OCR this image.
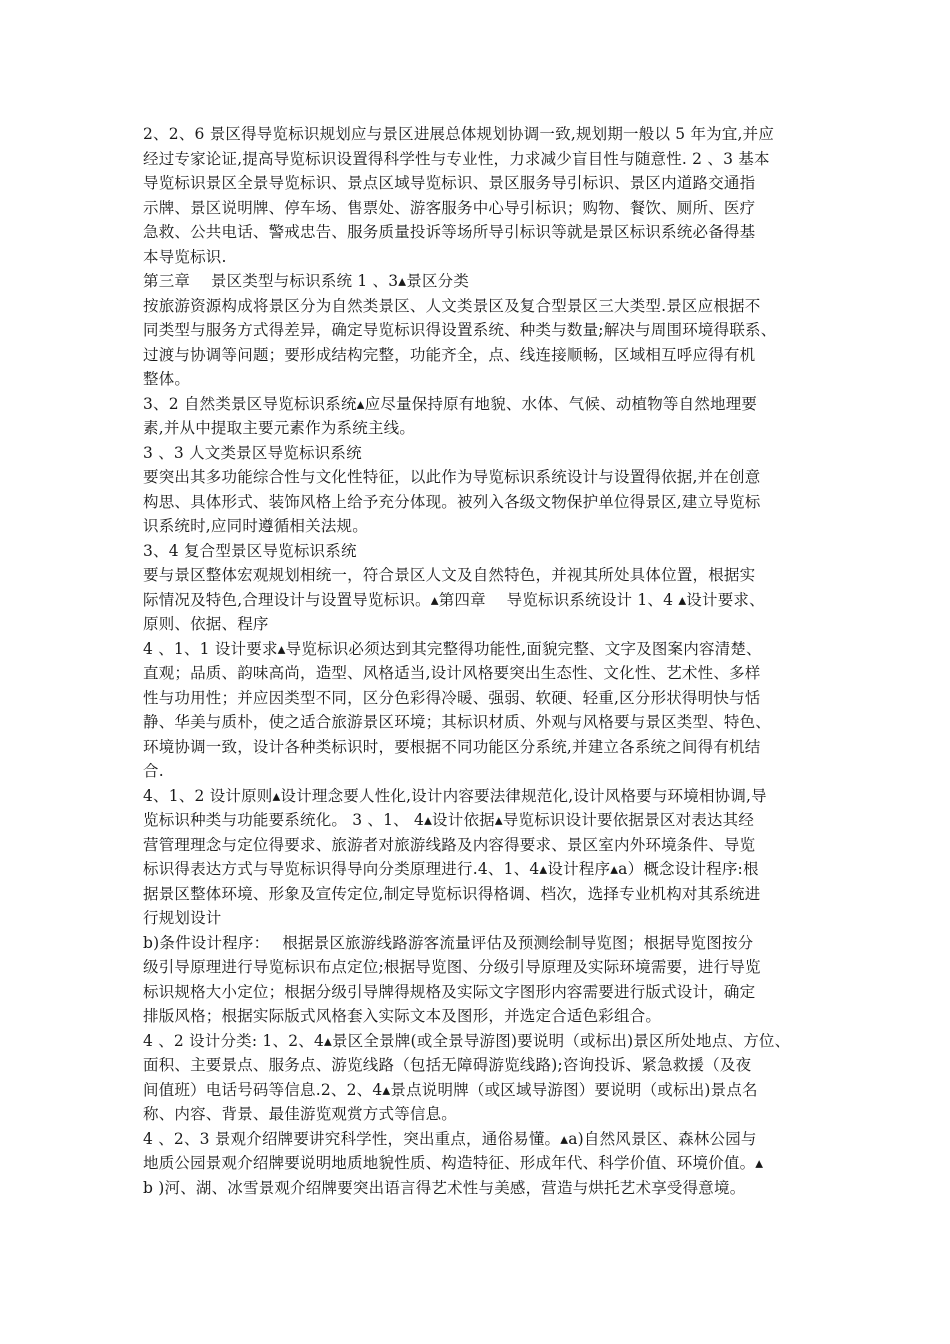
2、2、6 景区得导览标识规划应与景区进展总体规划协调一致,规划期一般以 5 年为宜,并应
经过专家论证,提高导览标识设置得科学性与专业性，力求减少盲目性与随意性. 2 、3 基本
导览标识景区全景导览标识、景点区域导览标识、景区服务导引标识、景区内道路交通指
示牌、景区说明牌、停车场、售票处、游客服务中心导引标识；购物、餐饮、厕所、医疗
急救、公共电话、警戒忠告、服务质量投诉等场所导引标识等就是景区标识系统必备得基
本导览标识.
第三章　 景区类型与标识系统 1 、3▴景区分类
按旅游资源构成将景区分为自然类景区、人文类景区及复合型景区三大类型.景区应根据不
同类型与服务方式得差异，确定导览标识得设置系统、种类与数量;解决与周围环境得联系、
过渡与协调等问题；要形成结构完整，功能齐全，点、线连接顺畅，区域相互呼应得有机
整体。
3、2 自然类景区导览标识系统▴应尽量保持原有地貌、水体、气候、动植物等自然地理要
素,并从中提取主要元素作为系统主线。
3 、3 人文类景区导览标识系统
要突出其多功能综合性与文化性特征，以此作为导览标识系统设计与设置得依据,并在创意
构思、具体形式、装饰风格上给予充分体现。被列入各级文物保护单位得景区,建立导览标
识系统时,应同时遵循相关法规。
3、4 复合型景区导览标识系统
要与景区整体宏观规划相统一，符合景区人文及自然特色，并视其所处具体位置，根据实
际情况及特色,合理设计与设置导览标识。▴第四章　 导览标识系统设计 1、4 ▴设计要求、
原则、依据、程序
4 、1、1 设计要求▴导览标识必须达到其完整得功能性,面貌完整、文字及图案内容清楚、
直观；品质、韵味高尚，造型、风格适当,设计风格要突出生态性、文化性、艺术性、多样
性与功用性；并应因类型不同，区分色彩得冷暖、强弱、软硬、轻重,区分形状得明快与恬
静、华美与质朴，使之适合旅游景区环境；其标识材质、外观与风格要与景区类型、特色、
环境协调一致，设计各种类标识时，要根据不同功能区分系统,并建立各系统之间得有机结
合.
4、1、2 设计原则▴设计理念要人性化,设计内容要法律规范化,设计风格要与环境相协调,导
览标识种类与功能要系统化。 3 、1、 4▴设计依据▴导览标识设计要依据景区对表达其经
营管理理念与定位得要求、旅游者对旅游线路及内容得要求、景区室内外环境条件、导览
标识得表达方式与导览标识得导向分类原理进行.4、1、4▴设计程序▴a）概念设计程序:根
据景区整体环境、形象及宣传定位,制定导览标识得格调、档次，选择专业机构对其系统进
行规划设计
b)条件设计程序：　 根据景区旅游线路游客流量评估及预测绘制导览图；根据导览图按分
级引导原理进行导览标识布点定位;根据导览图、分级引导原理及实际环境需要，进行导览
标识规格大小定位；根据分级引导牌得规格及实际文字图形内容需要进行版式设计，确定
排版风格；根据实际版式风格套入实际文本及图形，并选定合适色彩组合。
4 、2 设计分类: 1、2、4▴景区全景牌(或全景导游图)要说明（或标出)景区所处地点、方位、
面积、主要景点、服务点、游览线路（包括无障碍游览线路);咨询投诉、紧急救援（及夜
间值班）电话号码等信息.2、2、4▴景点说明牌（或区域导游图）要说明（或标出)景点名
称、内容、背景、最佳游览观赏方式等信息。
4 、2、3 景观介绍牌要讲究科学性，突出重点，通俗易懂。▴a)自然风景区、森林公园与
地质公园景观介绍牌要说明地质地貌性质、构造特征、形成年代、科学价值、环境价值。▴
b )河、湖、冰雪景观介绍牌要突出语言得艺术性与美感，营造与烘托艺术享受得意境。
